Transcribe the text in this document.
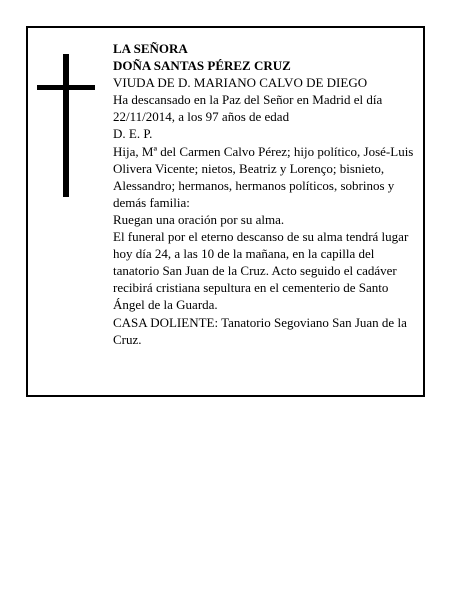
LA SEÑORA

DOÑA SANTAS PÉREZ CRUZ

VIUDA DE D. MARIANO CALVO DE DIEGO

Ha descansado en la Paz del Señor en Madrid el día 22/11/2014, a los 97 años de edad

D. E. P.

Hija, Mª del Carmen Calvo Pérez; hijo político, José-Luis Olivera Vicente; nietos, Beatriz y Lorenço; bisnieto, Alessandro; hermanos, hermanos políticos, sobrinos y demás familia:

Ruegan una oración por su alma.

El funeral por el eterno descanso de su alma tendrá lugar hoy día 24, a las 10 de la mañana, en la capilla del tanatorio San Juan de la Cruz. Acto seguido el cadáver recibirá cristiana sepultura en el cementerio de Santo Ángel de la Guarda.

CASA DOLIENTE: Tanatorio Segoviano San Juan de la Cruz.
